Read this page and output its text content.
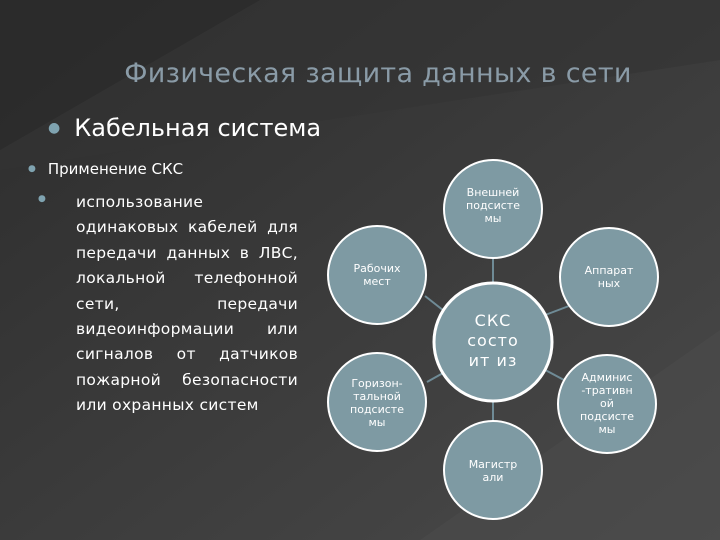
Физическая защита данных в сети
● Кабельная система
● Применение СКС
● использование одинаковых кабелей для передачи данных в ЛВС, локальной телефонной сети, передачи видеоинформации или сигналов от датчиков пожарной безопасности или охранных систем
СКС
состо
ит из
Внешней
подсисте
мы
Аппарат
ных
Админис
-тративн
ой
подсисте
мы
Магистр
али
Горизон-
тальной
подсисте
мы
Рабочих
мест
